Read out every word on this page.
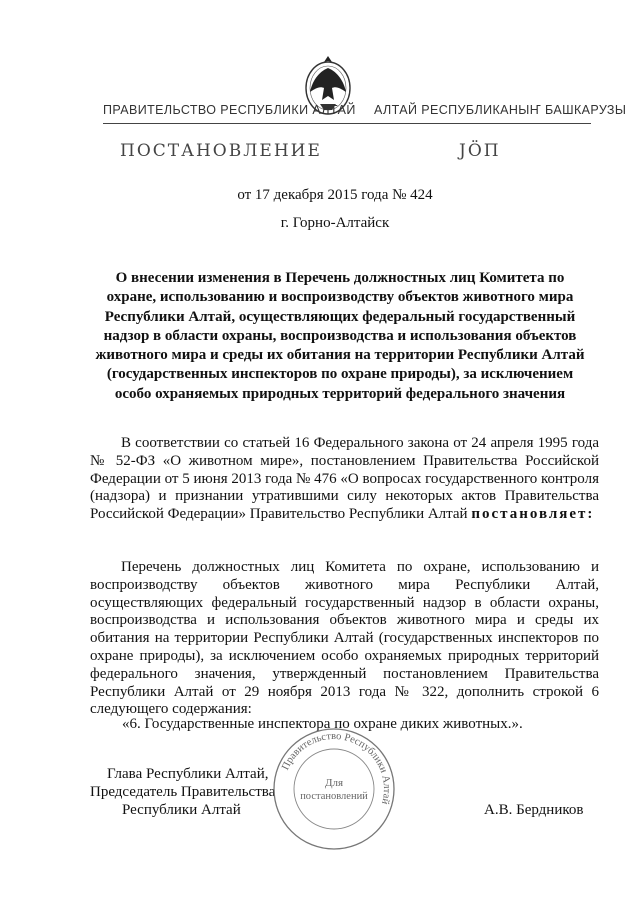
ПРАВИТЕЛЬСТВО РЕСПУБЛИКИ АЛТАЙ АЛТАЙ РЕСПУБЛИКАНЫҤ БАШКАРУЗЫ
ПОСТАНОВЛЕНИЕ	JӦП
от 17 декабря 2015 года № 424
г. Горно-Алтайск
О внесении изменения в Перечень должностных лиц Комитета по
охране, использованию и воспроизводству объектов животного мира
Республики Алтай, осуществляющих федеральный государственный
надзор в области охраны, воспроизводства и использования объектов
животного мира и среды их обитания на территории Республики Алтай
(государственных инспекторов по охране природы), за исключением
особо охраняемых природных территорий федерального значения
В соответствии со статьей 16 Федерального закона от 24 апреля 1995 года № 52-ФЗ «О животном мире», постановлением Правительства Российской Федерации от 5 июня 2013 года № 476 «О вопросах государственного контроля (надзора) и признании утратившими силу некоторых актов Правительства Российской Федерации» Правительство Республики Алтай постановляет:
Перечень должностных лиц Комитета по охране, использованию и воспроизводству объектов животного мира Республики Алтай, осуществляющих федеральный государственный надзор в области охраны, воспроизводства и использования объектов животного мира и среды их обитания на территории Республики Алтай (государственных инспекторов по охране природы), за исключением особо охраняемых природных территорий федерального значения, утвержденный постановлением Правительства Республики Алтай от 29 ноября 2013 года № 322, дополнить строкой 6 следующего содержания:
«6. Государственные инспектора по охране диких животных.».
Глава Республики Алтай,
Председатель Правительства
Республики Алтай	А.В. Бердников
Правительство Республики Алтай
Для
постановлений
